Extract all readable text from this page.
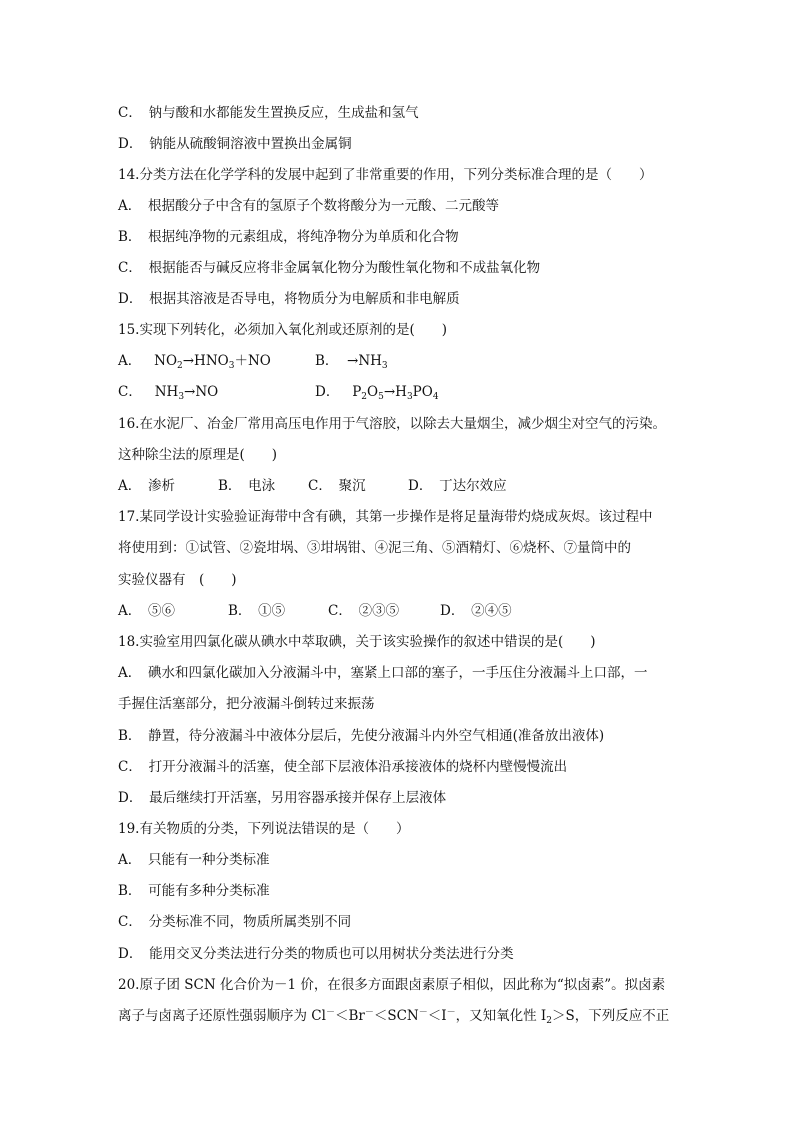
C．　钠与酸和水都能发生置换反应，生成盐和氢气
D．　钠能从硫酸铜溶液中置换出金属铜
14.分类方法在化学学科的发展中起到了非常重要的作用，下列分类标准合理的是（　　）
A．　根据酸分子中含有的氢原子个数将酸分为一元酸、二元酸等
B．　根据纯净物的元素组成，将纯净物分为单质和化合物
C．　根据能否与碱反应将非金属氧化物分为酸性氧化物和不成盐氧化物
D．　根据其溶液是否导电，将物质分为电解质和非电解质
15.实现下列转化，必须加入氧化剂或还原剂的是(　　)
A． $NO_2\to HNO_3+NO$	B． $\to NH_3$
C． $NH_3\to NO$	D． $P_2O_5\to H_3PO_4$
16.在水泥厂、冶金厂常用高压电作用于气溶胶，以除去大量烟尘，减少烟尘对空气的污染。
这种除尘法的原理是(　　)
A．　渗析	B．　电泳 C．　聚沉	D．　丁达尔效应
17.某同学设计实验验证海带中含有碘，其第一步操作是将足量海带灼烧成灰烬。该过程中
将使用到：①试管、②瓷坩埚、③坩埚钳、④泥三角、⑤酒精灯、⑥烧杯、⑦量筒中的
实验仪器有　(　　)
A．　⑤⑥	B．　①⑤	C．　②③⑤	D．　②④⑤
18.实验室用四氯化碳从碘水中萃取碘，关于该实验操作的叙述中错误的是(　　)
A．　碘水和四氯化碳加入分液漏斗中，塞紧上口部的塞子，一手压住分液漏斗上口部，一
手握住活塞部分，把分液漏斗倒转过来振荡
B．　静置，待分液漏斗中液体分层后，先使分液漏斗内外空气相通(准备放出液体)
C．　打开分液漏斗的活塞，使全部下层液体沿承接液体的烧杯内壁慢慢流出
D．　最后继续打开活塞，另用容器承接并保存上层液体
19.有关物质的分类，下列说法错误的是（　　）
A．　只能有一种分类标准
B．　可能有多种分类标准
C．　分类标准不同，物质所属类别不同
D．　能用交叉分类法进行分类的物质也可以用树状分类法进行分类
20.原子团 SCN 化合价为－1 价，在很多方面跟卤素原子相似，因此称为“拟卤素”。拟卤素
离子与卤离子还原性强弱顺序为 Cl－＜Br－＜SCN－＜I－，又知氧化性 $I_2>S$，下列反应不正
